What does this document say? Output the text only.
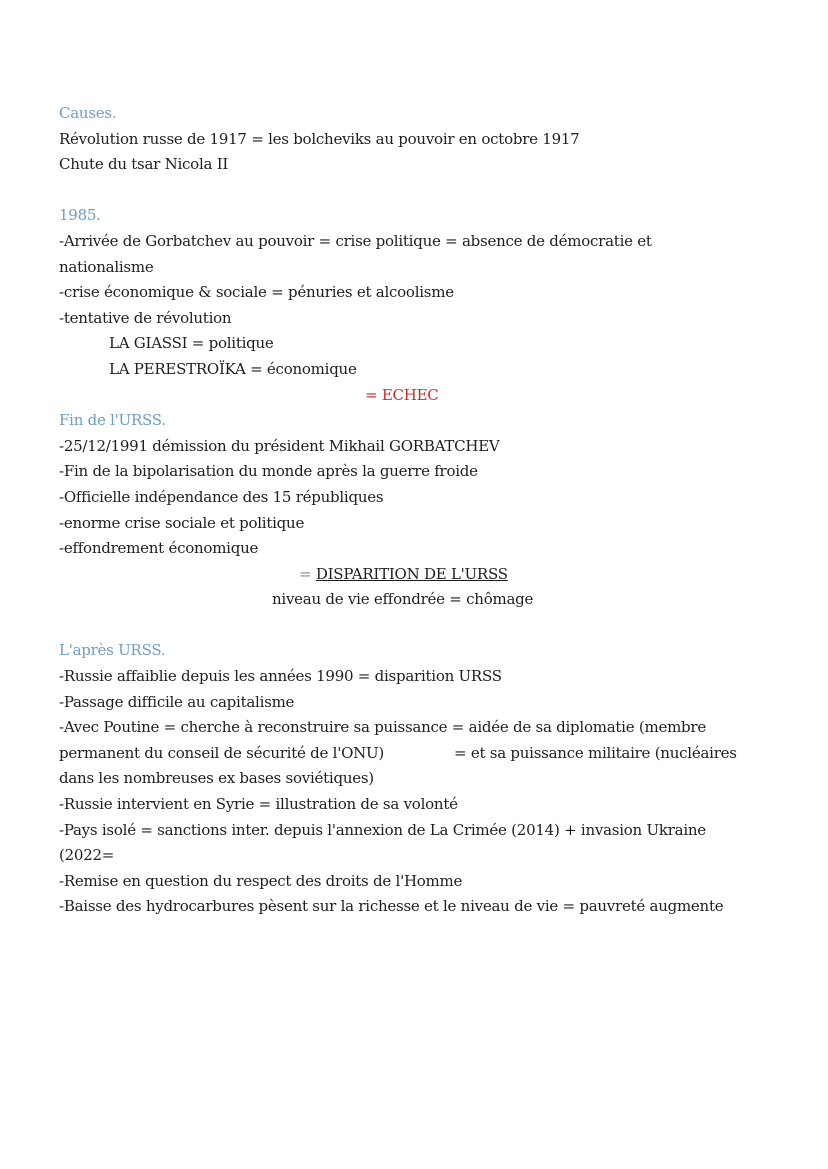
Causes.
Révolution russe de 1917 = les bolcheviks au pouvoir en octobre 1917
Chute du tsar Nicola II
1985.
-Arrivée de Gorbatchev au pouvoir = crise politique = absence de démocratie et
nationalisme
-crise économique & sociale = pénuries et alcoolisme
-tentative de révolution
LA GIASSI = politique
LA PERESTROÏKA = économique
= ECHEC
Fin de l'URSS.
-25/12/1991 démission du président Mikhail GORBATCHEV
-Fin de la bipolarisation du monde après la guerre froide
-Officielle indépendance des 15 républiques
-enorme crise sociale et politique
-effondrement économique
= DISPARITION DE L'URSS
niveau de vie effondrée = chômage
L'après URSS.
-Russie affaiblie depuis les années 1990 = disparition URSS
-Passage difficile au capitalisme
-Avec Poutine = cherche à reconstruire sa puissance = aidée de sa diplomatie (membre
permanent du conseil de sécurité de l'ONU)	= et sa puissance militaire (nucléaires
dans les nombreuses ex bases soviétiques)
-Russie intervient en Syrie = illustration de sa volonté
-Pays isolé = sanctions inter. depuis l'annexion de La Crimée (2014) + invasion Ukraine
(2022=
-Remise en question du respect des droits de l'Homme
-Baisse des hydrocarbures pèsent sur la richesse et le niveau de vie = pauvreté augmente
